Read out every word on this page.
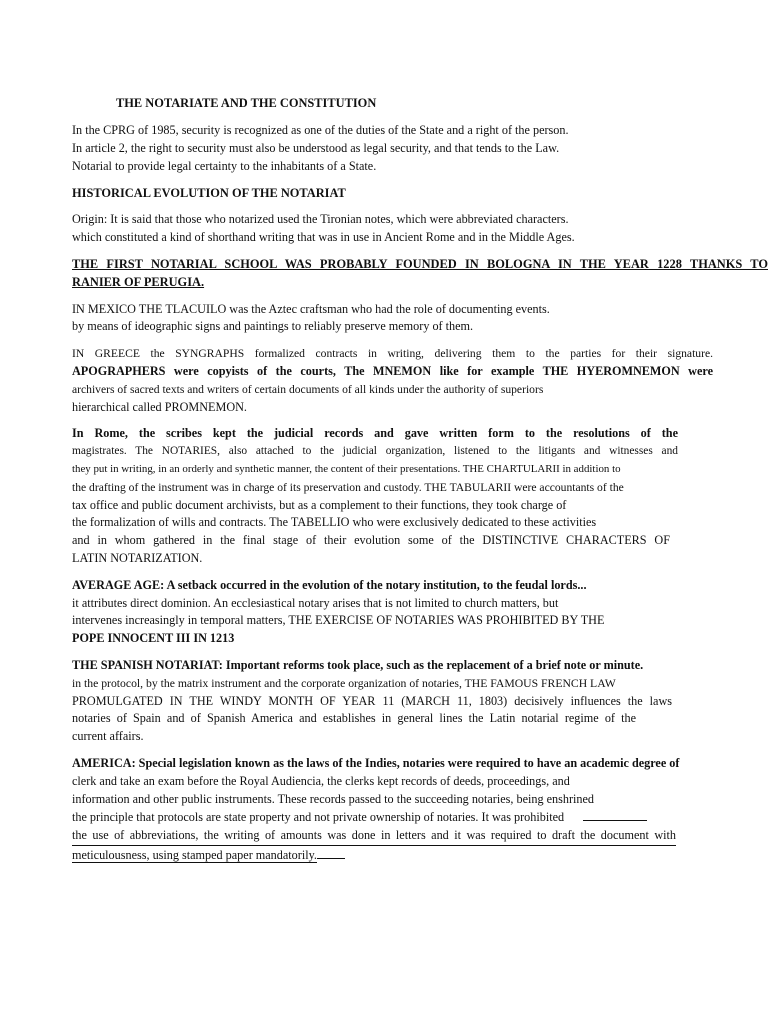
THE NOTARIATE AND THE CONSTITUTION
In the CPRG of 1985, security is recognized as one of the duties of the State and a right of the person.
In article 2, the right to security must also be understood as legal security, and that tends to the Law.
Notarial to provide legal certainty to the inhabitants of a State.
HISTORICAL EVOLUTION OF THE NOTARIAT
Origin: It is said that those who notarized used the Tironian notes, which were abbreviated characters.
which constituted a kind of shorthand writing that was in use in Ancient Rome and in the Middle Ages.
THE FIRST NOTARIAL SCHOOL WAS PROBABLY FOUNDED IN BOLOGNA IN THE YEAR 1228 THANKS TO
RANIER OF PERUGIA.
IN MEXICO THE TLACUILO was the Aztec craftsman who had the role of documenting events.
by means of ideographic signs and paintings to reliably preserve memory of them.
IN GREECE the SYNGRAPHS formalized contracts in writing, delivering them to the parties for their signature.
APOGRAPHERS were copyists of the courts, The MNEMON like for example THE HYEROMNEMON were
archivers of sacred texts and writers of certain documents of all kinds under the authority of superiors
hierarchical called PROMNEMON.
In Rome, the scribes kept the judicial records and gave written form to the resolutions of the
magistrates. The NOTARIES, also attached to the judicial organization, listened to the litigants and witnesses and
they put in writing, in an orderly and synthetic manner, the content of their presentations. THE CHARTULARII in addition to
the drafting of the instrument was in charge of its preservation and custody. THE TABULARII were accountants of the
tax office and public document archivists, but as a complement to their functions, they took charge of
the formalization of wills and contracts. The TABELLIO who were exclusively dedicated to these activities
and in whom gathered in the final stage of their evolution some of the DISTINCTIVE CHARACTERS OF
LATIN NOTARIZATION.
AVERAGE AGE: A setback occurred in the evolution of the notary institution, to the feudal lords...
it attributes direct dominion. An ecclesiastical notary arises that is not limited to church matters, but
intervenes increasingly in temporal matters, THE EXERCISE OF NOTARIES WAS PROHIBITED BY THE
POPE INNOCENT III IN 1213
THE SPANISH NOTARIAT: Important reforms took place, such as the replacement of a brief note or minute.
in the protocol, by the matrix instrument and the corporate organization of notaries, THE FAMOUS FRENCH LAW
PROMULGATED IN THE WINDY MONTH OF YEAR 11 (MARCH 11, 1803) decisively influences the laws
notaries of Spain and of Spanish America and establishes in general lines the Latin notarial regime of the
current affairs.
AMERICA: Special legislation known as the laws of the Indies, notaries were required to have an academic degree of
clerk and take an exam before the Royal Audiencia, the clerks kept records of deeds, proceedings, and
information and other public instruments. These records passed to the succeeding notaries, being enshrined
the principle that protocols are state property and not private ownership of notaries. It was prohibited
the use of abbreviations, the writing of amounts was done in letters and it was required to draft the document with
meticulousness, using stamped paper mandatorily.
